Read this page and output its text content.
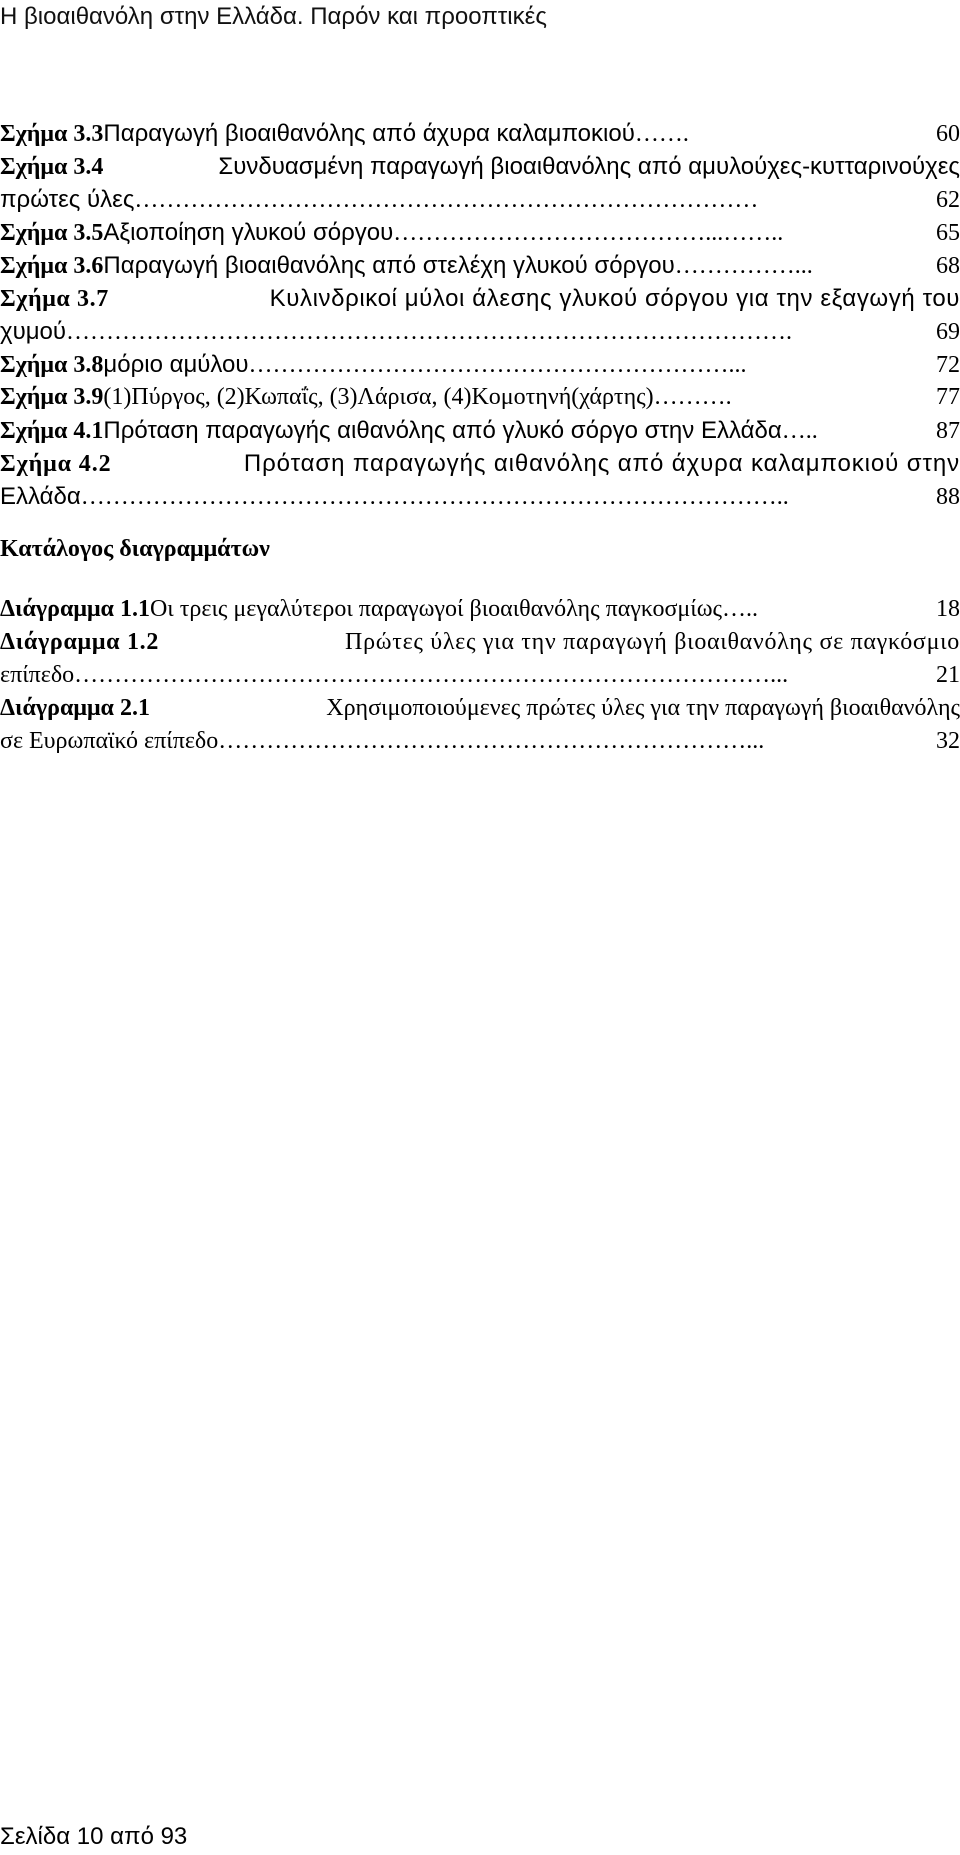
Η βιοαιθανόλη στην Ελλάδα. Παρόν και προοπτικές
Σχήμα 3.3 Παραγωγή βιοαιθανόλης από άχυρα καλαμποκιού …….	60
Σχήμα 3.4	Συνδυασμένη παραγωγή βιοαιθανόλης από αμυλούχες-κυτταρινούχες
πρώτες ύλες ……………………………………………………………………	62
Σχήμα 3.5 Αξιοποίηση γλυκού σόργου …………………………………...……..	65
Σχήμα 3.6 Παραγωγή βιοαιθανόλης από στελέχη γλυκού σόργου ……………...	68
Σχήμα 3.7	Κυλινδρικοί μύλοι άλεσης γλυκού σόργου για την εξαγωγή του
χυμού ……………………………………………………………………………….	69
Σχήμα 3.8 μόριο αμύλου ……………………………………………………...	72
Σχήμα 3.9 (1)Πύργος, (2)Κωπαΐς, (3)Λάρισα, (4)Κομοτηνή(χάρτης) ……….	77
Σχήμα 4.1 Πρόταση παραγωγής αιθανόλης από γλυκό σόργο στην Ελλάδα …..	87
Σχήμα 4.2	Πρόταση παραγωγής αιθανόλης από άχυρα καλαμποκιού στην
Ελλάδα ……………………………………………………………………………..	88
Κατάλογος διαγραμμάτων
Διάγραμμα 1.1 Οι τρεις μεγαλύτεροι παραγωγοί βιοαιθανόλης παγκοσμίως …..	18
Διάγραμμα 1.2	Πρώτες ύλες για την παραγωγή βιοαιθανόλης σε παγκόσμιο
επίπεδο ……………………………………………………………………………...	21
Διάγραμμα 2.1	Χρησιμοποιούμενες πρώτες ύλες για την παραγωγή βιοαιθανόλης
σε Ευρωπαϊκό επίπεδο …………………………………………………………...	32
Σελίδα 10 από 93
